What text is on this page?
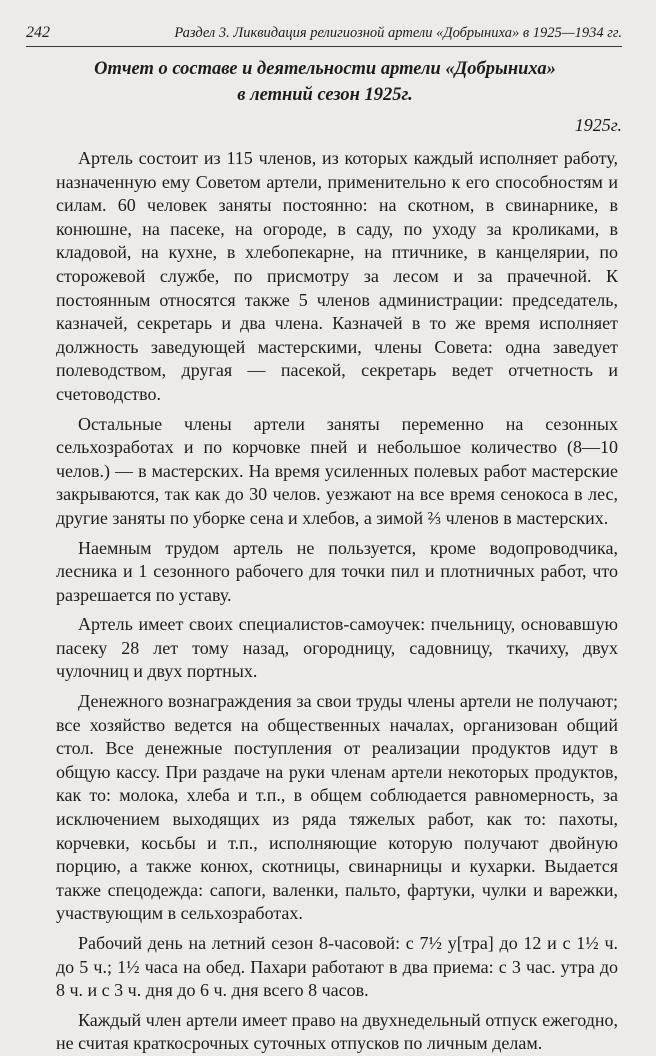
242	Раздел 3. Ликвидация религиозной артели «Добрыниха» в 1925—1934 гг.
Отчет о составе и деятельности артели «Добрыниха»
в летний сезон 1925г.
1925г.

Артель состоит из 115 членов, из которых каждый исполняет работу, назначенную ему Советом артели, применительно к его способностям и силам. 60 человек заняты постоянно: на скотном, в свинарнике, в конюшне, на пасеке, на огороде, в саду, по уходу за кроликами, в кладовой, на кухне, в хлебопекарне, на птичнике, в канцелярии, по сторожевой службе, по присмотру за лесом и за прачечной. К постоянным относятся также 5 членов администрации: председатель, казначей, секретарь и два члена. Казначей в то же время исполняет должность заведующей мастерскими, члены Совета: одна заведует полеводством, другая — пасекой, секретарь ведет отчетность и счетоводство.

Остальные члены артели заняты переменно на сезонных сельхозработах и по корчовке пней и небольшое количество (8—10 челов.) — в мастерских. На время усиленных полевых работ мастерские закрываются, так как до 30 челов. уезжают на все время сенокоса в лес, другие заняты по уборке сена и хлебов, а зимой ⅔ членов в мастерских.

Наемным трудом артель не пользуется, кроме водопроводчика, лесника и 1 сезонного рабочего для точки пил и плотничных работ, что разрешается по уставу.

Артель имеет своих специалистов-самоучек: пчельницу, основавшую пасеку 28 лет тому назад, огородницу, садовницу, ткачиху, двух чулочниц и двух портных.

Денежного вознаграждения за свои труды члены артели не получают; все хозяйство ведется на общественных началах, организован общий стол. Все денежные поступления от реализации продуктов идут в общую кассу. При раздаче на руки членам артели некоторых продуктов, как то: молока, хлеба и т.п., в общем соблюдается равномерность, за исключением выходящих из ряда тяжелых работ, как то: пахоты, корчевки, косьбы и т.п., исполняющие которую получают двойную порцию, а также конюх, скотницы, свинарницы и кухарки. Выдается также спецодежда: сапоги, валенки, пальто, фартуки, чулки и варежки, участвующим в сельхозработах.

Рабочий день на летний сезон 8-часовой: с 7½ у[тра] до 12 и с 1½ ч. до 5 ч.; 1½ часа на обед. Пахари работают в два приема: с 3 час. утра до 8 ч. и с 3 ч. дня до 6 ч. дня всего 8 часов.

Каждый член артели имеет право на двухнедельный отпуск ежегодно, не считая краткосрочных суточных отпусков по личным делам.
